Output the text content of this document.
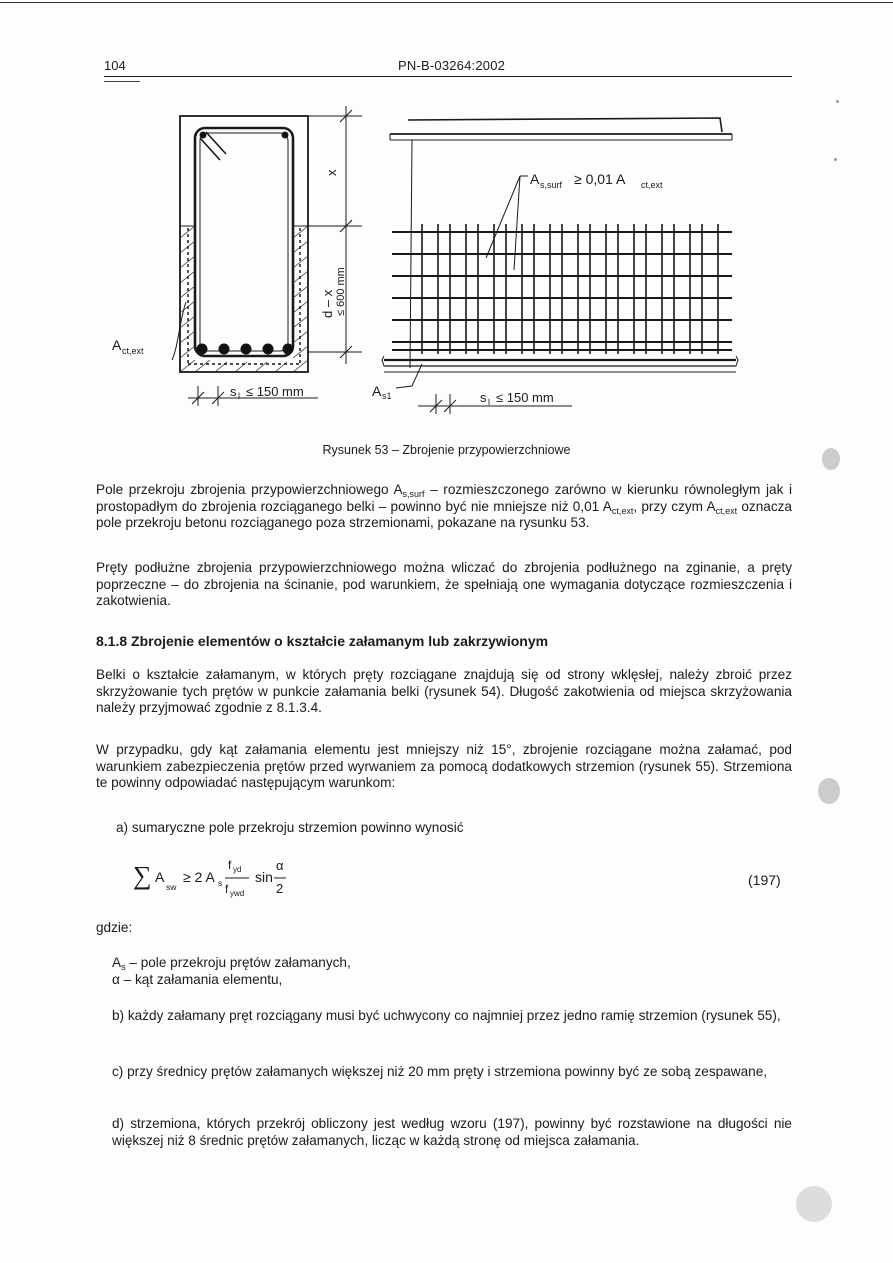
104	PN-B-03264:2002
x
d – x ≤ 600 mm
A ct,ext
s l ≤ 150 mm
A s,surf ≥ 0,01 A ct,ext
A s1	s l ≤ 150 mm
Rysunek 53 – Zbrojenie przypowierzchniowe
Pole przekroju zbrojenia przypowierzchniowego $A_{s,surf}$ – rozmieszczonego zarówno w kierunku równoległym jak i prostopadłym do zbrojenia rozciąganego belki – powinno być nie mniejsze niż 0,01 $A_{ct,ext}$, przy czym $A_{ct,ext}$ oznacza pole przekroju betonu rozciąganego poza strzemionami, pokazane na rysunku 53.
Pręty podłużne zbrojenia przypowierzchniowego można wliczać do zbrojenia podłużnego na zginanie, a pręty poprzeczne – do zbrojenia na ścinanie, pod warunkiem, że spełniają one wymagania dotyczące rozmieszczenia i zakotwienia.
8.1.8 Zbrojenie elementów o kształcie załamanym lub zakrzywionym
Belki o kształcie załamanym, w których pręty rozciągane znajdują się od strony wklęsłej, należy zbroić przez skrzyżowanie tych prętów w punkcie załamania belki (rysunek 54). Długość zakotwienia od miejsca skrzyżowania należy przyjmować zgodnie z 8.1.3.4.
W przypadku, gdy kąt załamania elementu jest mniejszy niż 15°, zbrojenie rozciągane można załamać, pod warunkiem zabezpieczenia prętów przed wyrwaniem za pomocą dodatkowych strzemion (rysunek 55). Strzemiona te powinny odpowiadać następującym warunkom:
a) sumaryczne pole przekroju strzemion powinno wynosić
∑ A
sw
≥ 2 A s
f yd
f ywd
sin
α
2
(197)
gdzie:
$A_s$ – pole przekroju prętów załamanych,
α – kąt załamania elementu,
b) każdy załamany pręt rozciągany musi być uchwycony co najmniej przez jedno ramię strzemion (rysunek 55),
c) przy średnicy prętów załamanych większej niż 20 mm pręty i strzemiona powinny być ze sobą zespawane,
d) strzemiona, których przekrój obliczony jest według wzoru (197), powinny być rozstawione na długości nie większej niż 8 średnic prętów załamanych, licząc w każdą stronę od miejsca załamania.
